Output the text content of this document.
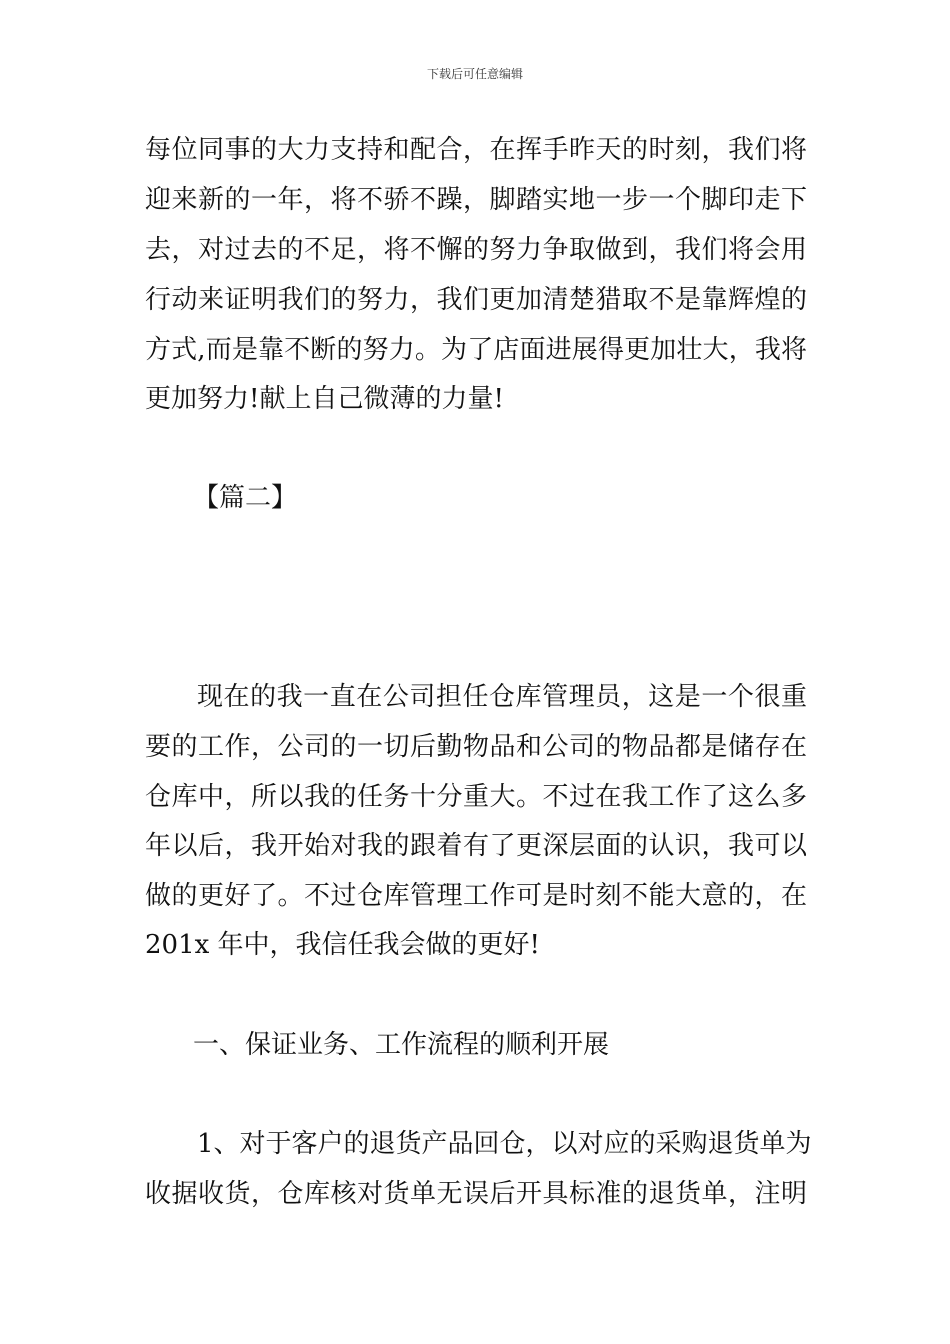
下载后可任意编辑
每位同事的大力支持和配合，在挥手昨天的时刻，我们将
迎来新的一年，将不骄不躁，脚踏实地一步一个脚印走下
去，对过去的不足，将不懈的努力争取做到，我们将会用
行动来证明我们的努力，我们更加清楚猎取不是靠辉煌的
方式,而是靠不断的努力。为了店面进展得更加壮大，我将
更加努力!献上自己微薄的力量!
【篇二】
现在的我一直在公司担任仓库管理员，这是一个很重
要的工作，公司的一切后勤物品和公司的物品都是储存在
仓库中，所以我的任务十分重大。不过在我工作了这么多
年以后，我开始对我的跟着有了更深层面的认识，我可以
做的更好了。不过仓库管理工作可是时刻不能大意的，在
201x 年中，我信任我会做的更好!
一、保证业务、工作流程的顺利开展
1、对于客户的退货产品回仓，以对应的采购退货单为
收据收货，仓库核对货单无误后开具标准的退货单，注明
